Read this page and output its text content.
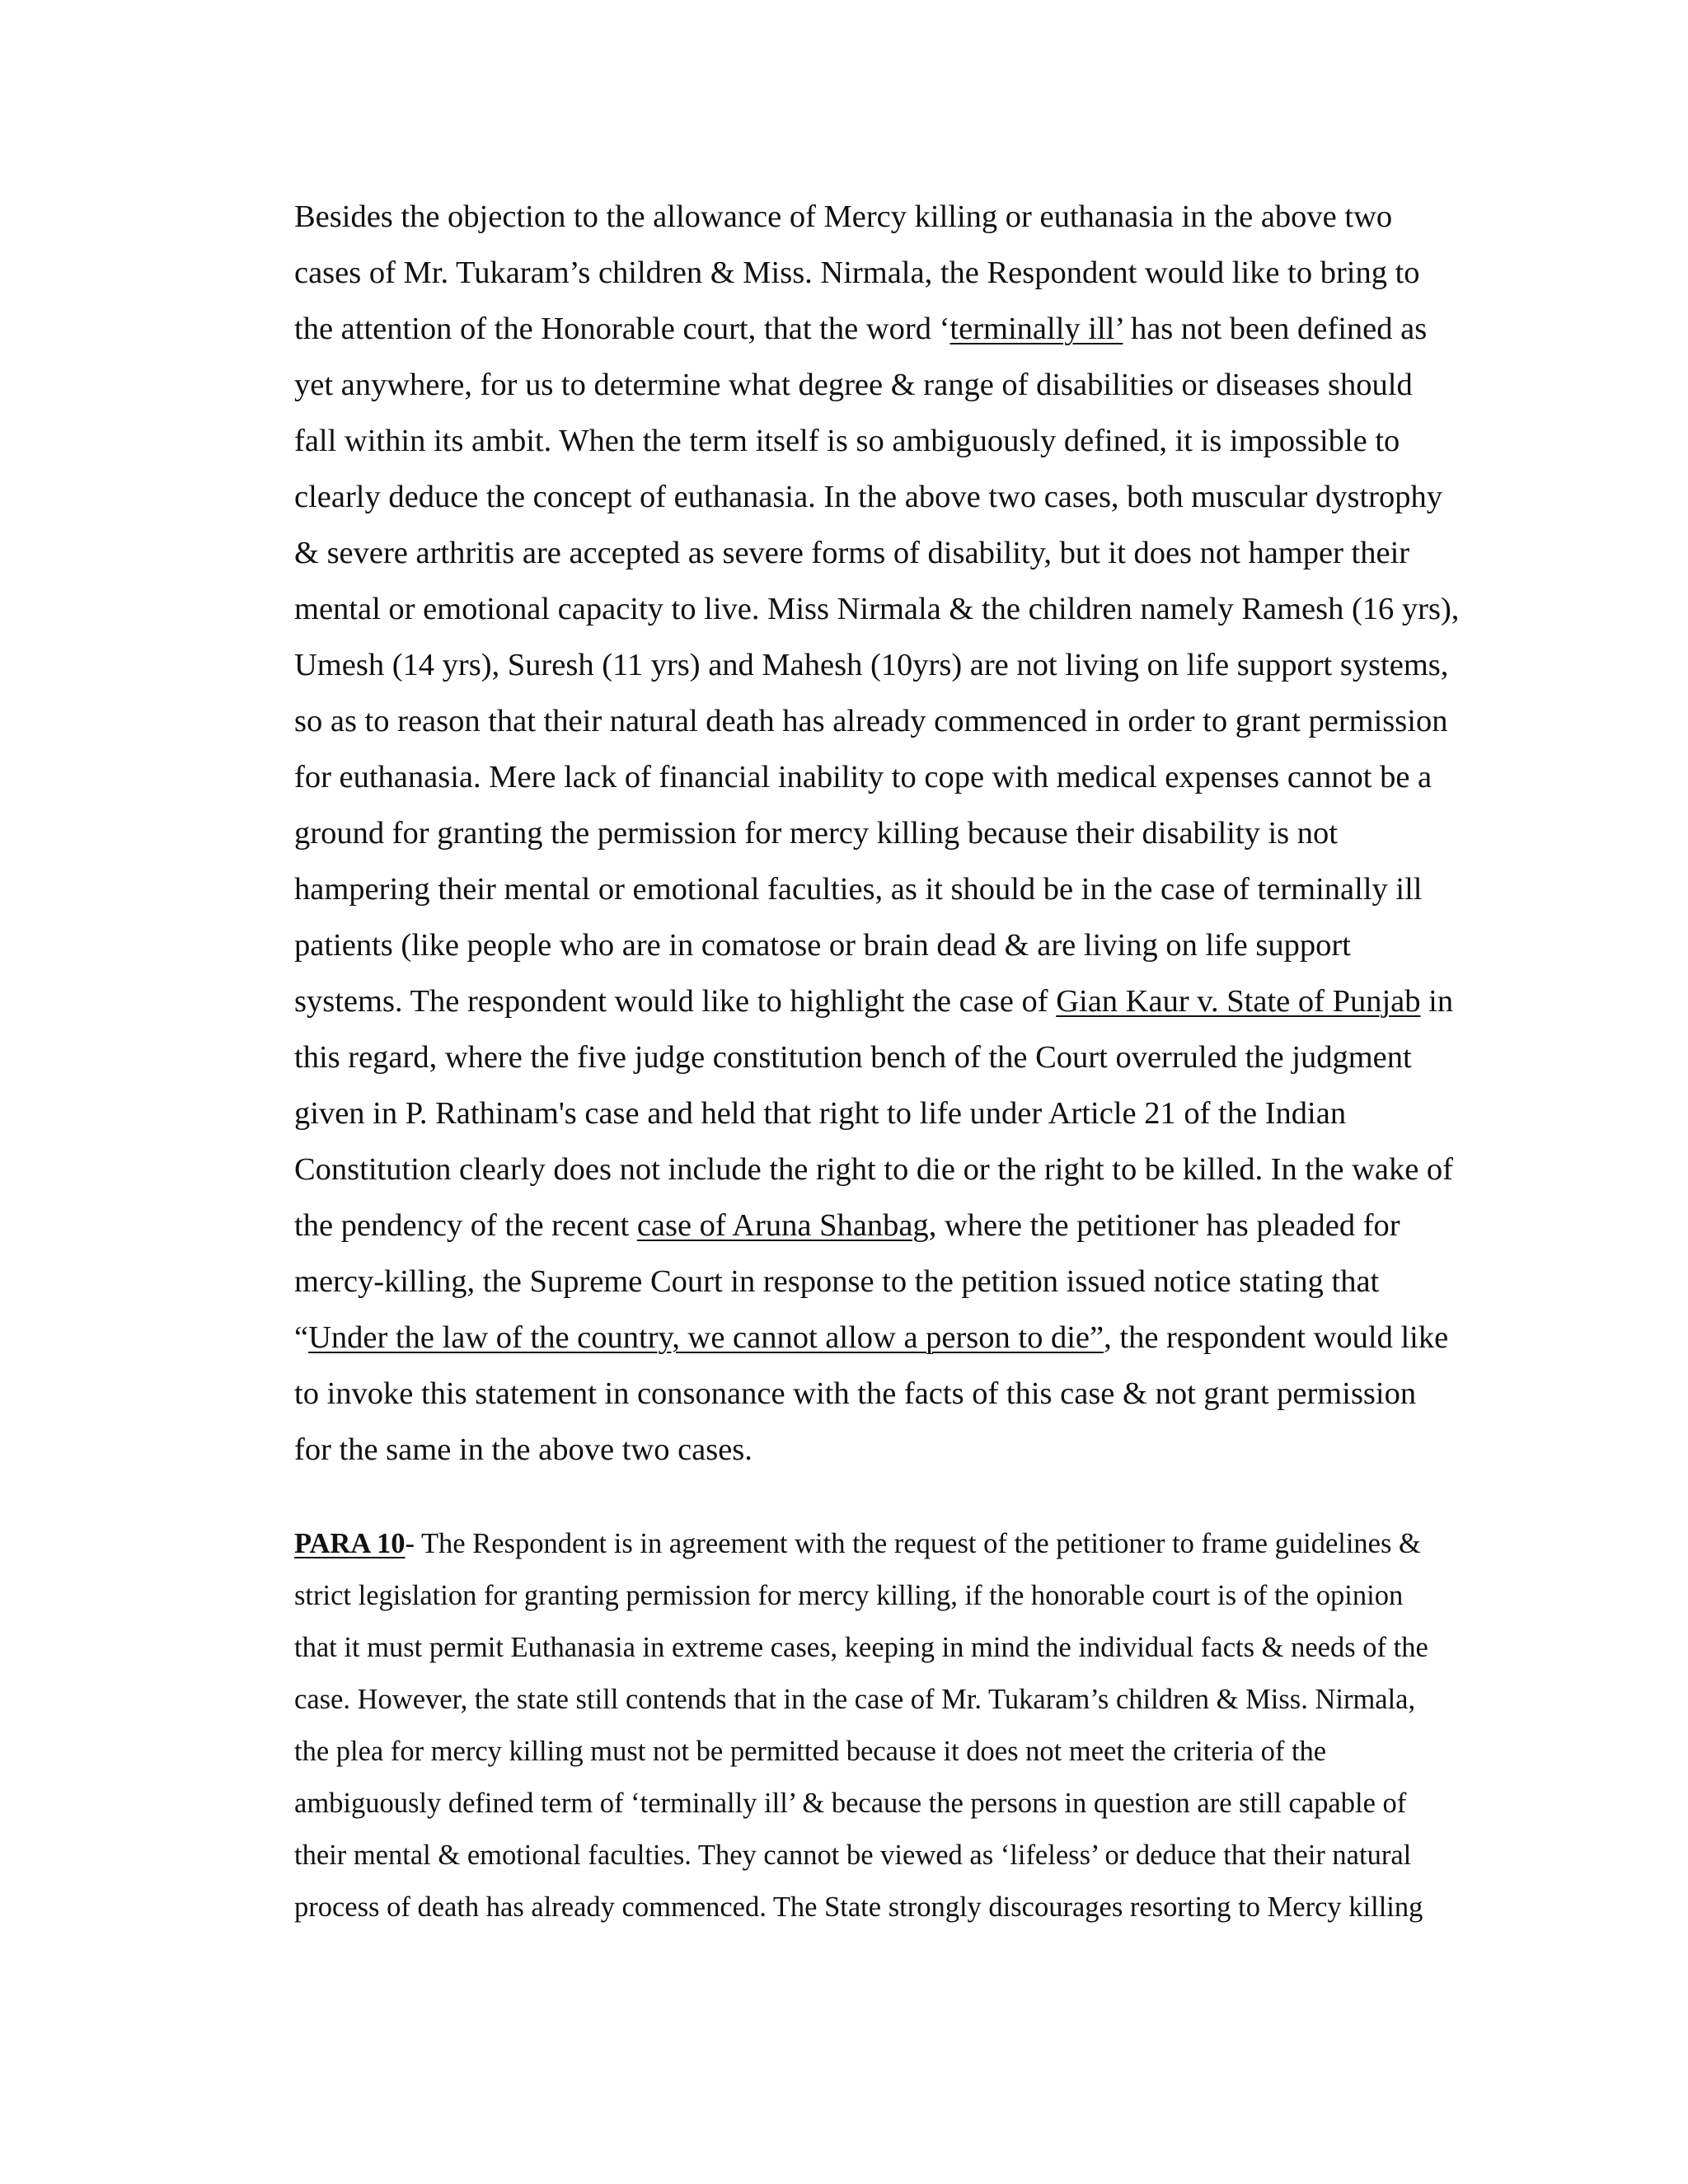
Besides the objection to the allowance of Mercy killing or euthanasia in the above two

cases of Mr. Tukaram’s children & Miss. Nirmala, the Respondent would like to bring to

the attention of the Honorable court, that the word ‘terminally ill’ has not been defined as

yet anywhere, for us to determine what degree & range of disabilities or diseases should

fall within its ambit. When the term itself is so ambiguously defined, it is impossible to

clearly deduce the concept of euthanasia. In the above two cases, both muscular dystrophy

& severe arthritis are accepted as severe forms of disability, but it does not hamper their

mental or emotional capacity to live. Miss Nirmala & the children namely Ramesh (16 yrs),

Umesh (14 yrs), Suresh (11 yrs) and Mahesh (10yrs) are not living on life support systems,

so as to reason that their natural death has already commenced in order to grant permission

for euthanasia. Mere lack of financial inability to cope with medical expenses cannot be a

ground for granting the permission for mercy killing because their disability is not

hampering their mental or emotional faculties, as it should be in the case of terminally ill

patients (like people who are in comatose or brain dead & are living on life support

systems. The respondent would like to highlight the case of Gian Kaur v. State of Punjab in

this regard, where the five judge constitution bench of the Court overruled the judgment

given in P. Rathinam's case and held that right to life under Article 21 of the Indian

Constitution clearly does not include the right to die or the right to be killed. In the wake of

the pendency of the recent case of Aruna Shanbag, where the petitioner has pleaded for

mercy-killing, the Supreme Court in response to the petition issued notice stating that

“Under the law of the country, we cannot allow a person to die”, the respondent would like

to invoke this statement in consonance with the facts of this case & not grant permission

for the same in the above two cases.

PARA 10- The Respondent is in agreement with the request of the petitioner to frame guidelines &

strict legislation for granting permission for mercy killing, if the honorable court is of the opinion

that it must permit Euthanasia in extreme cases, keeping in mind the individual facts & needs of the

case. However, the state still contends that in the case of Mr. Tukaram’s children & Miss. Nirmala,

the plea for mercy killing must not be permitted because it does not meet the criteria of the

ambiguously defined term of ‘terminally ill’ & because the persons in question are still capable of

their mental & emotional faculties. They cannot be viewed as ‘lifeless’ or deduce that their natural

process of death has already commenced. The State strongly discourages resorting to Mercy killing
